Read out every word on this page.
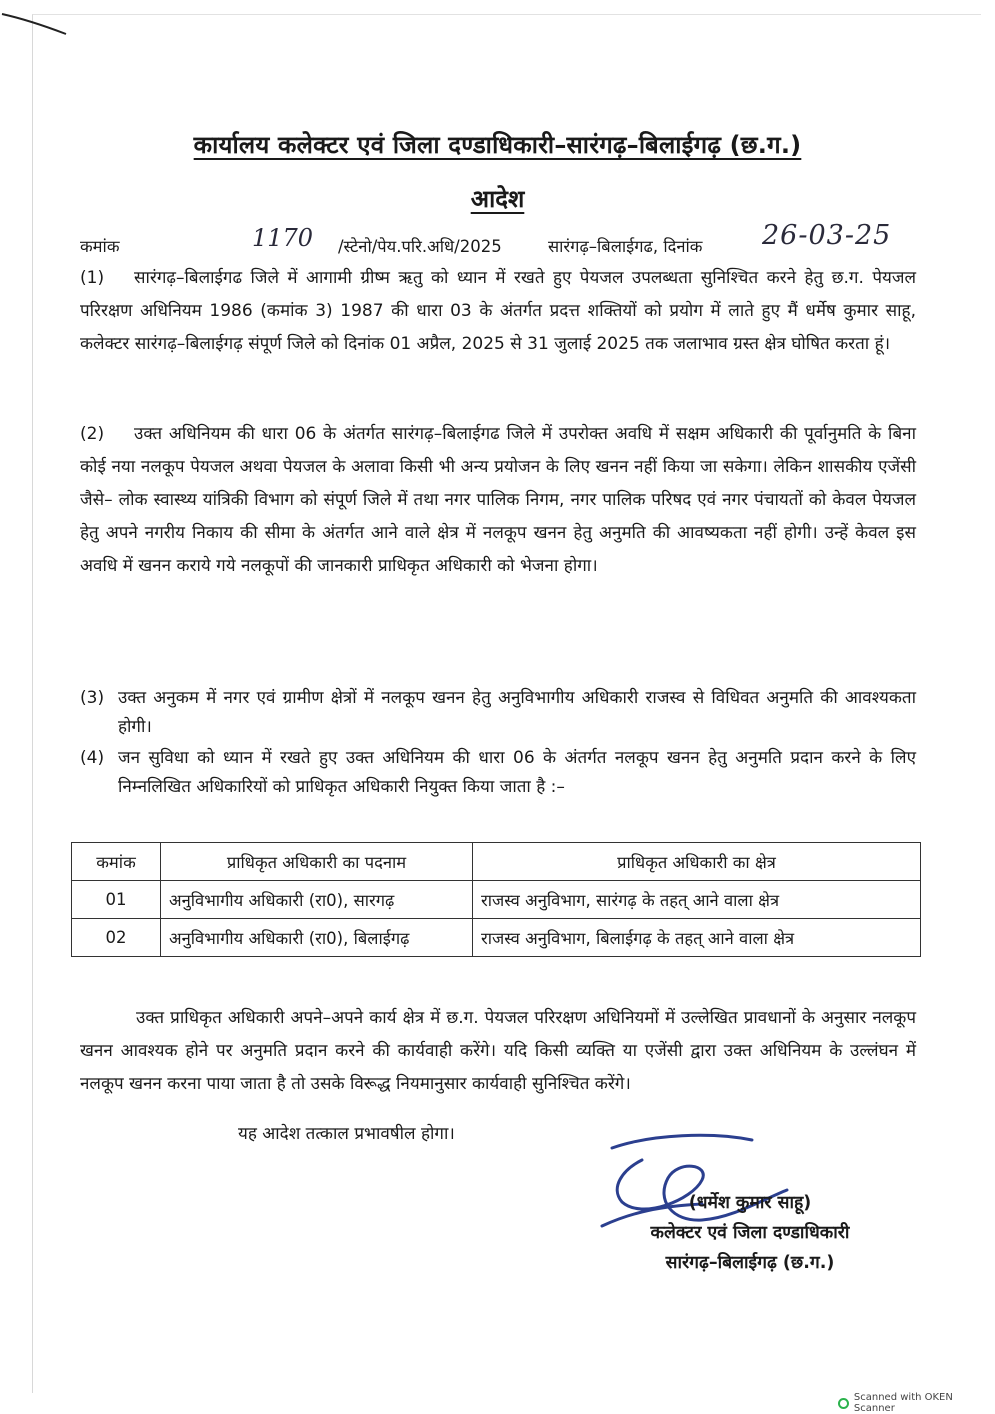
कार्यालय कलेक्टर एवं जिला दण्डाधिकारी–सारंगढ़–बिलाईगढ़ (छ.ग.)
आदेश
कमांक	1170 /स्टेनो/पेय.परि.अधि/2025	सारंगढ़–बिलाईगढ, दिनांक 26-03-25
(1) सारंगढ़–बिलाईगढ जिले में आगामी ग्रीष्म ऋतु को ध्यान में रखते हुए पेयजल उपलब्धता सुनिश्चित करने हेतु छ.ग. पेयजल परिरक्षण अधिनियम 1986 (कमांक 3) 1987 की धारा 03 के अंतर्गत प्रदत्त शक्तियों को प्रयोग में लाते हुए मैं धर्मेष कुमार साहू, कलेक्टर सारंगढ़–बिलाईगढ़ संपूर्ण जिले को दिनांक 01 अप्रैल, 2025 से 31 जुलाई 2025 तक जलाभाव ग्रस्त क्षेत्र घोषित करता हूं।
(2) उक्त अधिनियम की धारा 06 के अंतर्गत सारंगढ़–बिलाईगढ जिले में उपरोक्त अवधि में सक्षम अधिकारी की पूर्वानुमति के बिना कोई नया नलकूप पेयजल अथवा पेयजल के अलावा किसी भी अन्य प्रयोजन के लिए खनन नहीं किया जा सकेगा। लेकिन शासकीय एजेंसी जैसे– लोक स्वास्थ्य यांत्रिकी विभाग को संपूर्ण जिले में तथा नगर पालिक निगम, नगर पालिक परिषद एवं नगर पंचायतों को केवल पेयजल हेतु अपने नगरीय निकाय की सीमा के अंतर्गत आने वाले क्षेत्र में नलकूप खनन हेतु अनुमति की आवष्यकता नहीं होगी। उन्हें केवल इस अवधि में खनन कराये गये नलकूपों की जानकारी प्राधिकृत अधिकारी को भेजना होगा।
(3) उक्त अनुकम में नगर एवं ग्रामीण क्षेत्रों में नलकूप खनन हेतु अनुविभागीय अधिकारी राजस्व से विधिवत अनुमति की आवश्यकता होगी।
(4) जन सुविधा को ध्यान में रखते हुए उक्त अधिनियम की धारा 06 के अंतर्गत नलकूप खनन हेतु अनुमति प्रदान करने के लिए निम्नलिखित अधिकारियों को प्राधिकृत अधिकारी नियुक्त किया जाता है :–
कमांक	प्राधिकृत अधिकारी का पदनाम	प्राधिकृत अधिकारी का क्षेत्र
01	अनुविभागीय अधिकारी (रा0), सारगढ़	राजस्व अनुविभाग, सारंगढ़ के तहत् आने वाला क्षेत्र
02	अनुविभागीय अधिकारी (रा0), बिलाईगढ़	राजस्व अनुविभाग, बिलाईगढ़ के तहत् आने वाला क्षेत्र
उक्त प्राधिकृत अधिकारी अपने–अपने कार्य क्षेत्र में छ.ग. पेयजल परिरक्षण अधिनियमों में उल्लेखित प्रावधानों के अनुसार नलकूप खनन आवश्यक होने पर अनुमति प्रदान करने की कार्यवाही करेंगे। यदि किसी व्यक्ति या एजेंसी द्वारा उक्त अधिनियम के उल्लंघन में नलकूप खनन करना पाया जाता है तो उसके विरूद्ध नियमानुसार कार्यवाही सुनिश्चित करेंगे।
यह आदेश तत्काल प्रभावषील होगा।
(धर्मेश कुमार साहू)
कलेक्टर एवं जिला दण्डाधिकारी
सारंगढ़–बिलाईगढ़ (छ.ग.)
Scanned with OKEN Scanner
